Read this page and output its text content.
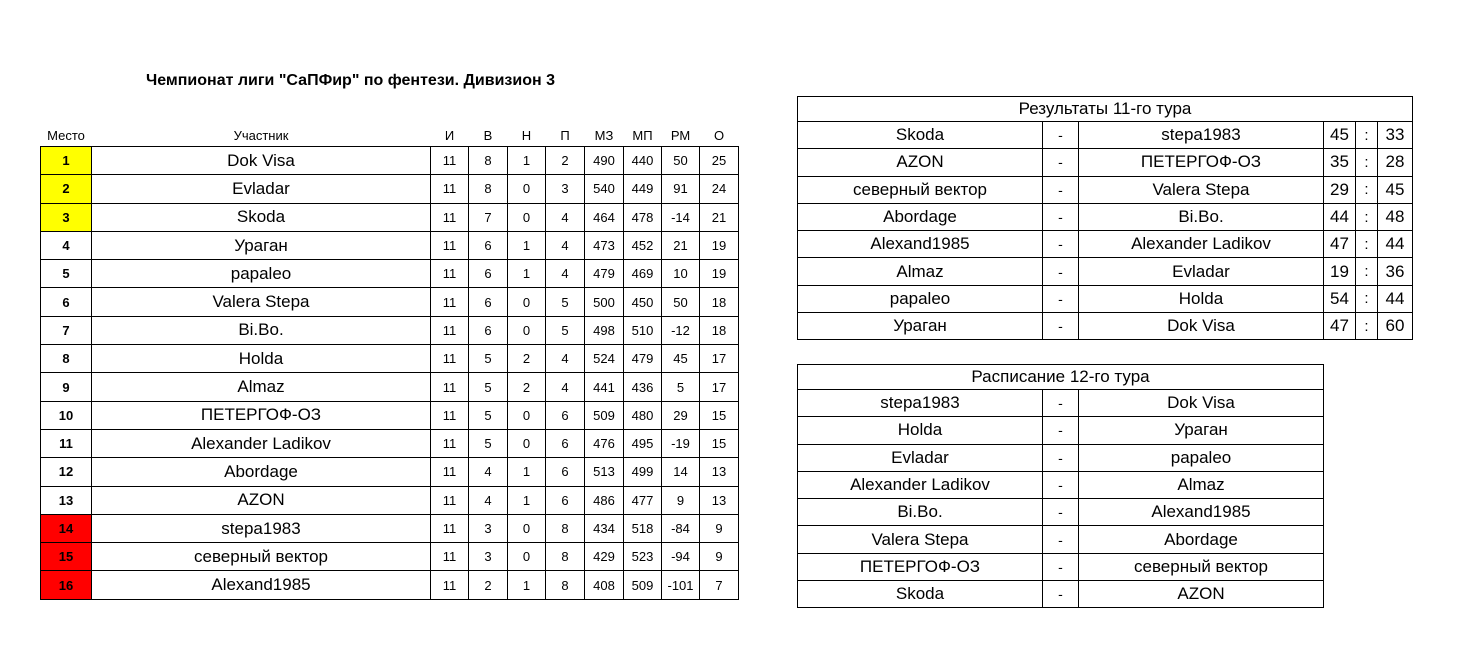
Чемпионат лиги "СаПФир" по фентези. Дивизион 3
Место	Участник	И	В	Н	П	МЗ	МП	РМ	О
1	Dok Visa	11	8	1	2	490	440	50	25
2	Evladar	11	8	0	3	540	449	91	24
3	Skoda	11	7	0	4	464	478	-14	21
4	Ураган	11	6	1	4	473	452	21	19
5	papaleo	11	6	1	4	479	469	10	19
6	Valera Stepa	11	6	0	5	500	450	50	18
7	Bi.Bo.	11	6	0	5	498	510	-12	18
8	Holda	11	5	2	4	524	479	45	17
9	Almaz	11	5	2	4	441	436	5	17
10	ПЕТЕРГОФ-ОЗ	11	5	0	6	509	480	29	15
11	Alexander Ladikov	11	5	0	6	476	495	-19	15
12	Abordage	11	4	1	6	513	499	14	13
13	AZON	11	4	1	6	486	477	9	13
14	stepa1983	11	3	0	8	434	518	-84	9
15	северный вектор	11	3	0	8	429	523	-94	9
16	Alexand1985	11	2	1	8	408	509	-101	7
Результаты 11-го тура					
Skoda	-	stepa1983	45	:	33
AZON	-	ПЕТЕРГОФ-ОЗ	35	:	28
северный вектор	-	Valera Stepa	29	:	45
Abordage	-	Bi.Bo.	44	:	48
Alexand1985	-	Alexander Ladikov	47	:	44
Almaz	-	Evladar	19	:	36
papaleo	-	Holda	54	:	44
Ураган	-	Dok Visa	47	:	60
Расписание 12-го тура		
stepa1983	-	Dok Visa
Holda	-	Ураган
Evladar	-	papaleo
Alexander Ladikov	-	Almaz
Bi.Bo.	-	Alexand1985
Valera Stepa	-	Abordage
ПЕТЕРГОФ-ОЗ	-	северный вектор
Skoda	-	AZON
